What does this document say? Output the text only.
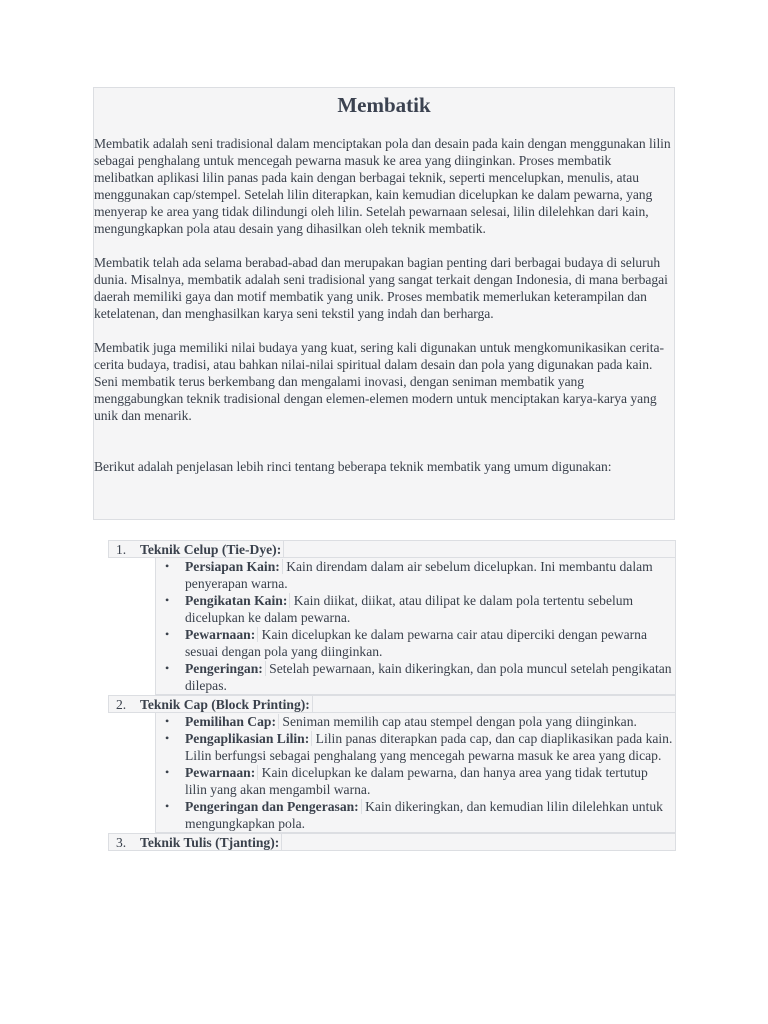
Membatik

Membatik adalah seni tradisional dalam menciptakan pola dan desain pada kain dengan menggunakan lilin sebagai penghalang untuk mencegah pewarna masuk ke area yang diinginkan. Proses membatik melibatkan aplikasi lilin panas pada kain dengan berbagai teknik, seperti mencelupkan, menulis, atau menggunakan cap/stempel. Setelah lilin diterapkan, kain kemudian dicelupkan ke dalam pewarna, yang menyerap ke area yang tidak dilindungi oleh lilin. Setelah pewarnaan selesai, lilin dilelehkan dari kain, mengungkapkan pola atau desain yang dihasilkan oleh teknik membatik.

Membatik telah ada selama berabad-abad dan merupakan bagian penting dari berbagai budaya di seluruh dunia. Misalnya, membatik adalah seni tradisional yang sangat terkait dengan Indonesia, di mana berbagai daerah memiliki gaya dan motif membatik yang unik. Proses membatik memerlukan keterampilan dan ketelatenan, dan menghasilkan karya seni tekstil yang indah dan berharga.

Membatik juga memiliki nilai budaya yang kuat, sering kali digunakan untuk mengkomunikasikan cerita-cerita budaya, tradisi, atau bahkan nilai-nilai spiritual dalam desain dan pola yang digunakan pada kain. Seni membatik terus berkembang dan mengalami inovasi, dengan seniman membatik yang menggabungkan teknik tradisional dengan elemen-elemen modern untuk menciptakan karya-karya yang unik dan menarik.

Berikut adalah penjelasan lebih rinci tentang beberapa teknik membatik yang umum digunakan:

1. Teknik Celup (Tie-Dye):
• Persiapan Kain: Kain direndam dalam air sebelum dicelupkan. Ini membantu dalam penyerapan warna.
• Pengikatan Kain: Kain diikat, diikat, atau dilipat ke dalam pola tertentu sebelum dicelupkan ke dalam pewarna.
• Pewarnaan: Kain dicelupkan ke dalam pewarna cair atau diperciki dengan pewarna sesuai dengan pola yang diinginkan.
• Pengeringan: Setelah pewarnaan, kain dikeringkan, dan pola muncul setelah pengikatan dilepas.
2. Teknik Cap (Block Printing):
• Pemilihan Cap: Seniman memilih cap atau stempel dengan pola yang diinginkan.
• Pengaplikasian Lilin: Lilin panas diterapkan pada cap, dan cap diaplikasikan pada kain. Lilin berfungsi sebagai penghalang yang mencegah pewarna masuk ke area yang dicap.
• Pewarnaan: Kain dicelupkan ke dalam pewarna, dan hanya area yang tidak tertutup lilin yang akan mengambil warna.
• Pengeringan dan Pengerasan: Kain dikeringkan, dan kemudian lilin dilelehkan untuk mengungkapkan pola.
3. Teknik Tulis (Tjanting):
